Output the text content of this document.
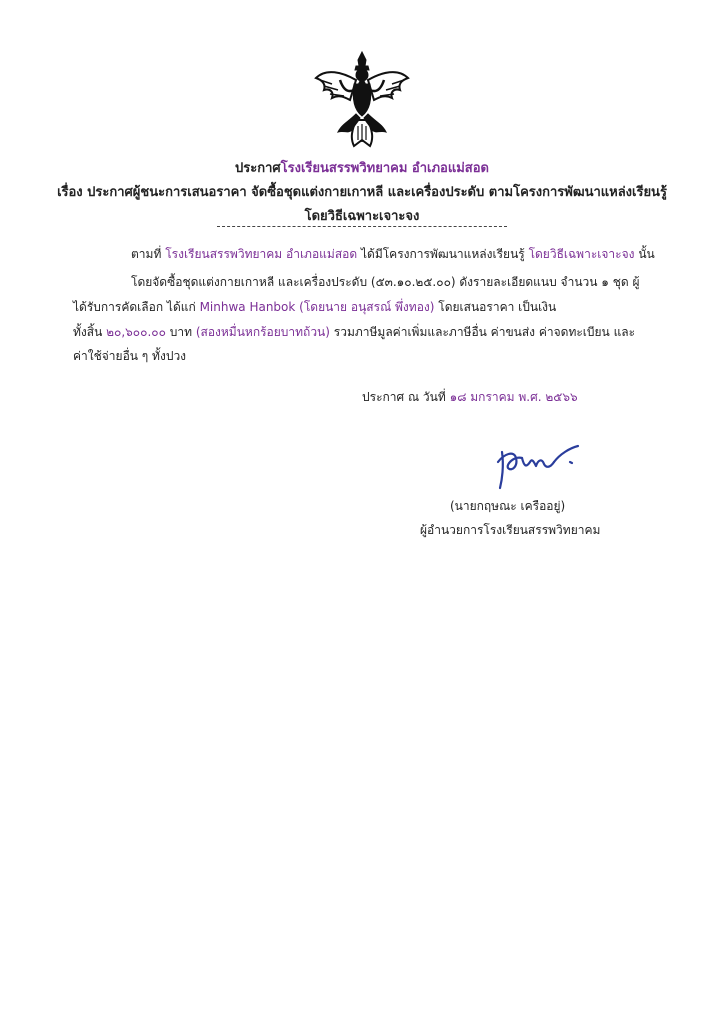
ประกาศโรงเรียนสรรพวิทยาคม อำเภอแม่สอด
เรื่อง ประกาศผู้ชนะการเสนอราคา จัดซื้อชุดแต่งกายเกาหลี และเครื่องประดับ ตามโครงการพัฒนาแหล่งเรียนรู้
โดยวิธีเฉพาะเจาะจง
ตามที่ โรงเรียนสรรพวิทยาคม อำเภอแม่สอด ได้มีโครงการพัฒนาแหล่งเรียนรู้ โดยวิธีเฉพาะเจาะจง นั้น
โดยจัดซื้อชุดแต่งกายเกาหลี และเครื่องประดับ (๕๓.๑๐.๒๕.๐๐) ดังรายละเอียดแนบ จำนวน ๑ ชุด ผู้
ได้รับการคัดเลือก ได้แก่ Minhwa Hanbok (โดยนาย อนุสรณ์ พึ่งทอง) โดยเสนอราคา เป็นเงิน
ทั้งสิ้น ๒๐,๖๐๐.๐๐ บาท (สองหมื่นหกร้อยบาทถ้วน) รวมภาษีมูลค่าเพิ่มและภาษีอื่น ค่าขนส่ง ค่าจดทะเบียน และ
ค่าใช้จ่ายอื่น ๆ ทั้งปวง
ประกาศ ณ วันที่ ๑๘ มกราคม พ.ศ. ๒๕๖๖
(นายกฤษณะ เครืออยู่)
ผู้อำนวยการโรงเรียนสรรพวิทยาคม
